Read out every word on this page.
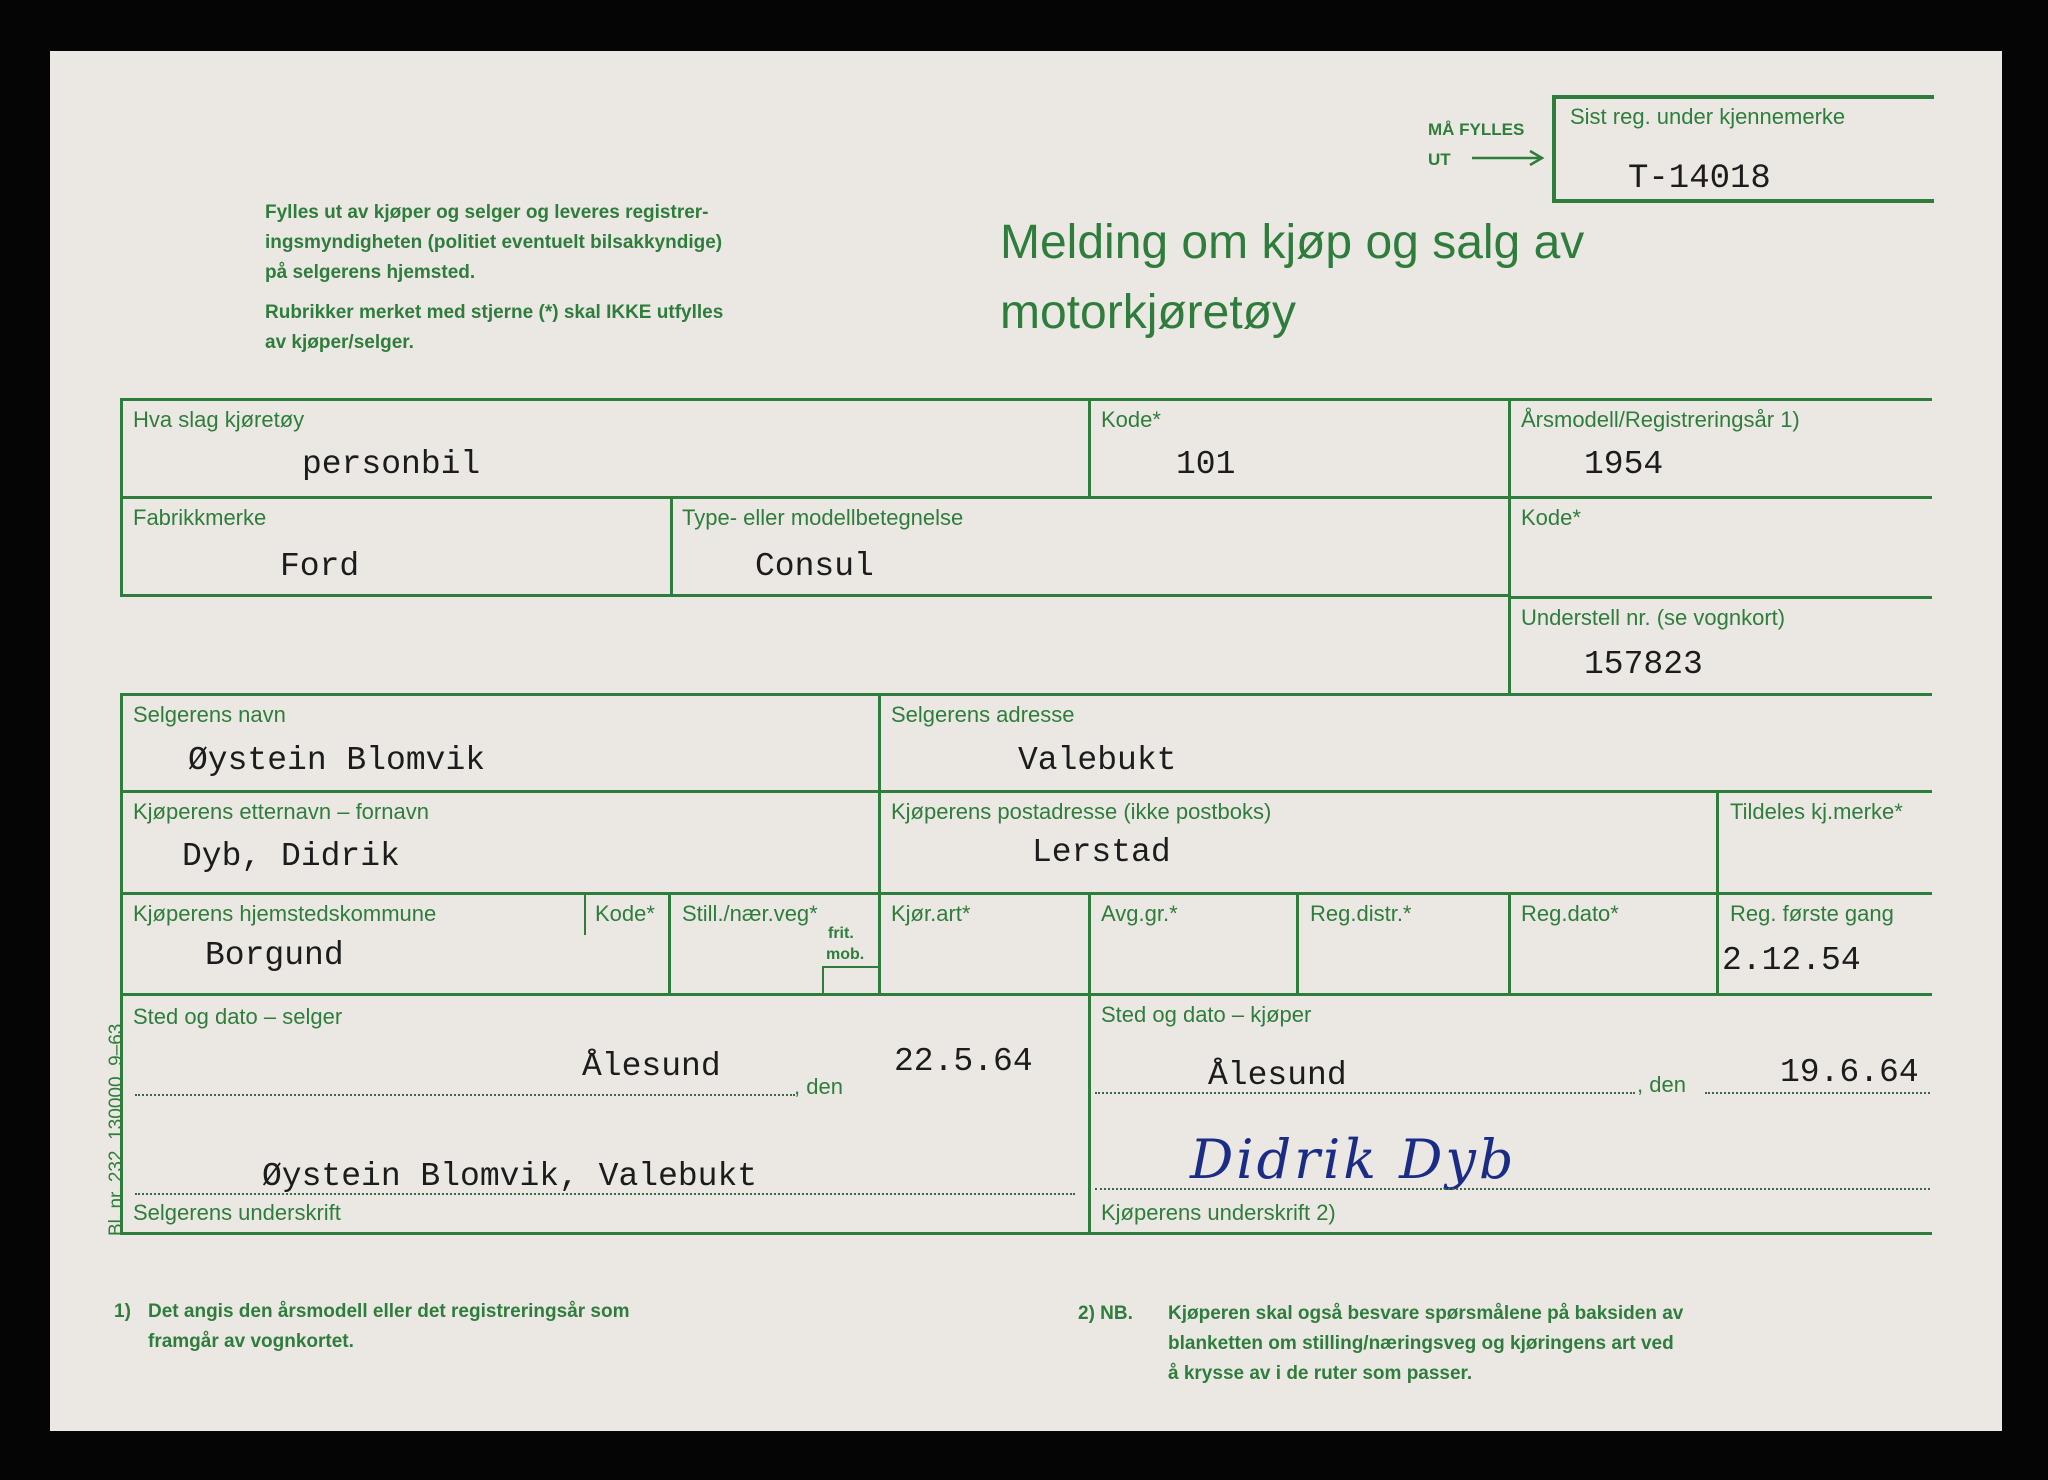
Fylles ut av kjøper og selger og leveres registrer-
ingsmyndigheten (politiet eventuelt bilsakkyndige)
på selgerens hjemsted.
Rubrikker merket med stjerne (*) skal IKKE utfylles
av kjøper/selger.
Melding om kjøp og salg av
motorkjøretøy
MÅ FYLLES
UT
Sist reg. under kjennemerke
T-14018
Hva slag kjøretøy
personbil
Kode*
101
Årsmodell/Registreringsår 1)
1954
Fabrikkmerke
Ford
Type- eller modellbetegnelse
Consul
Kode*
Understell nr. (se vognkort)
157823
Selgerens navn
Øystein Blomvik
Selgerens adresse
Valebukt
Kjøperens etternavn – fornavn
Dyb, Didrik
Kjøperens postadresse (ikke postboks)
Lerstad
Tildeles kj.merke*
Kjøperens hjemstedskommune
Borgund
Kode* Still./nær.veg*
frit.
mob.
Kjør.art*	Avg.gr.*	Reg.distr.*	Reg.dato*	Reg. første gang
2.12.54
Sted og dato – selger
Ålesund
, den
22.5.64
Sted og dato – kjøper
Ålesund	, den	19.6.64
Øystein Blomvik, Valebukt
Selgerens underskrift
Didrik Dyb
Kjøperens underskrift 2)
Bl. nr. 232. 130000. 9–63
1) Det angis den årsmodell eller det registreringsår som
framgår av vognkortet.
2) NB. Kjøperen skal også besvare spørsmålene på baksiden av
blanketten om stilling/næringsveg og kjøringens art ved
å krysse av i de ruter som passer.
